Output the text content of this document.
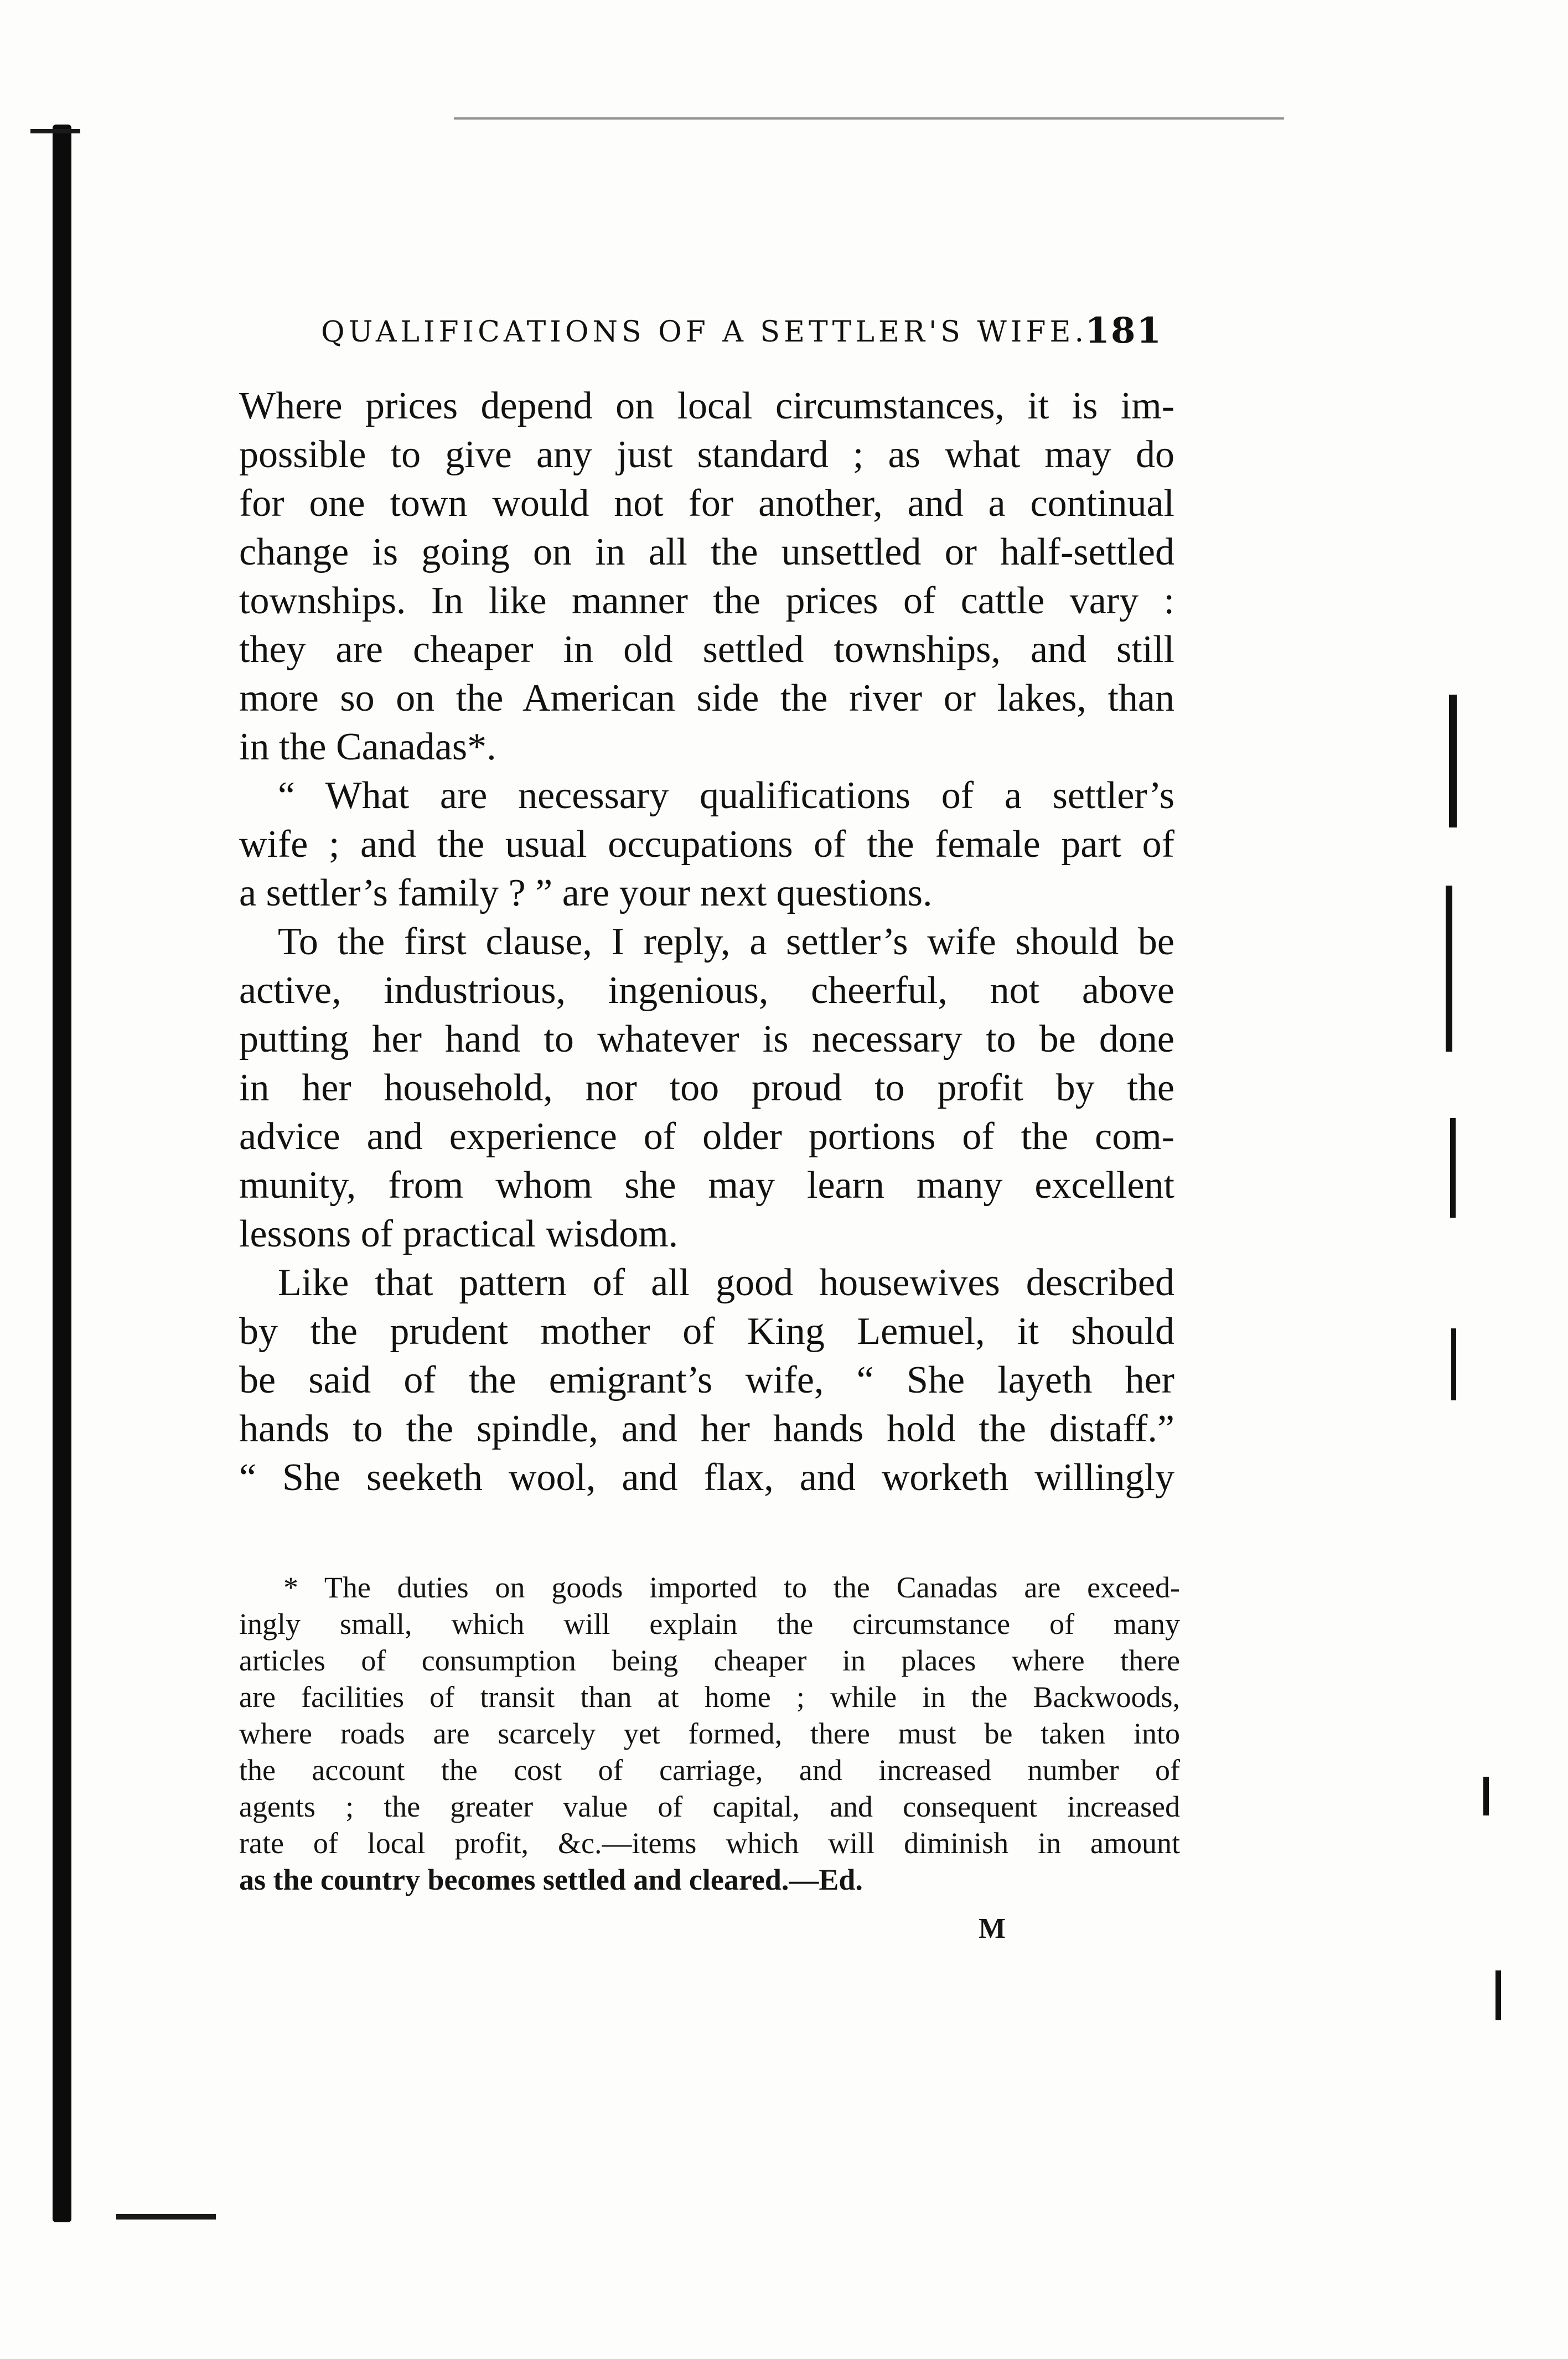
QUALIFICATIONS OF A SETTLER'S WIFE.
181

Where prices depend on local circumstances, it is im-
possible to give any just standard ; as what may do
for one town would not for another, and a continual
change is going on in all the unsettled or half-settled
townships. In like manner the prices of cattle vary :
they are cheaper in old settled townships, and still
more so on the American side the river or lakes, than
in the Canadas*.

“ What are necessary qualifications of a settler’s
wife ; and the usual occupations of the female part of
a settler’s family ? ” are your next questions.

To the first clause, I reply, a settler’s wife should be
active, industrious, ingenious, cheerful, not above
putting her hand to whatever is necessary to be done
in her household, nor too proud to profit by the
advice and experience of older portions of the com-
munity, from whom she may learn many excellent
lessons of practical wisdom.

Like that pattern of all good housewives described
by the prudent mother of King Lemuel, it should
be said of the emigrant’s wife, “ She layeth her
hands to the spindle, and her hands hold the distaff.”
“ She seeketh wool, and flax, and worketh willingly

* The duties on goods imported to the Canadas are exceed-
ingly small, which will explain the circumstance of many
articles of consumption being cheaper in places where there
are facilities of transit than at home ; while in the Backwoods,
where roads are scarcely yet formed, there must be taken into
the account the cost of carriage, and increased number of
agents ; the greater value of capital, and consequent increased
rate of local profit, &c.—items which will diminish in amount
as the country becomes settled and cleared.—Ed.
M
